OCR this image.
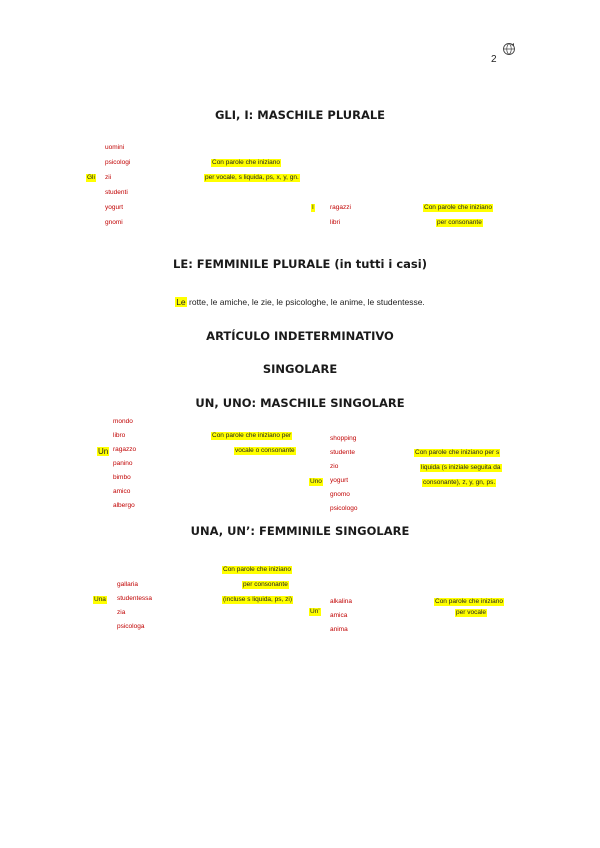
2
GLI, I: MASCHILE PLURALE
uomini
psicologi
zii
studenti
yogurt
gnomi
Gli
Con parole che iniziano
per vocale, s liquida, ps, x, y, gn.
I ragazzi
libri
Con parole che iniziano
per consonante
LE: FEMMINILE PLURALE (in tutti i casi)
Le rotte, le amiche, le zie, le psicologhe, le anime, le studentesse.
ARTÍCULO INDETERMINATIVO
SINGOLARE
UN, UNO: MASCHILE SINGOLARE
mondo
libro
ragazzo
panino
bimbo
amico
albergo
Un
Con parole che iniziano per
vocale o consonante
shopping
studente
zio
yogurt
gnomo
psicologo
Uno
Con parole che iniziano per s
liquida (s iniziale seguita da
consonante), z, y, gn, ps.
UNA, UN’: FEMMINILE SINGOLARE
Con parole che iniziano
per consonante
(incluse s liquida, ps, zi)
gallaria
studentessa
zia
psicologa
Una
Un’
alkalina
amica
anima
Con parole che iniziano
per vocale
